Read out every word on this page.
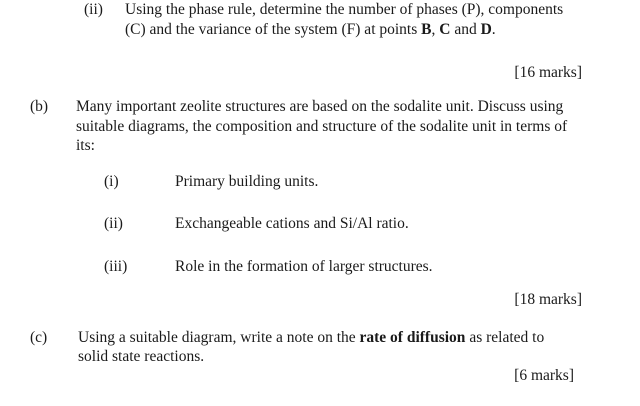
(ii) Using the phase rule, determine the number of phases (P), components
(C) and the variance of the system (F) at points B, C and D.
[16 marks]
(b) Many important zeolite structures are based on the sodalite unit. Discuss using
suitable diagrams, the composition and structure of the sodalite unit in terms of
its:
(i)	Primary building units.
(ii)	Exchangeable cations and Si/Al ratio.
(iii)	Role in the formation of larger structures.
[18 marks]
(c) Using a suitable diagram, write a note on the rate of diffusion as related to
solid state reactions.
[6 marks]
